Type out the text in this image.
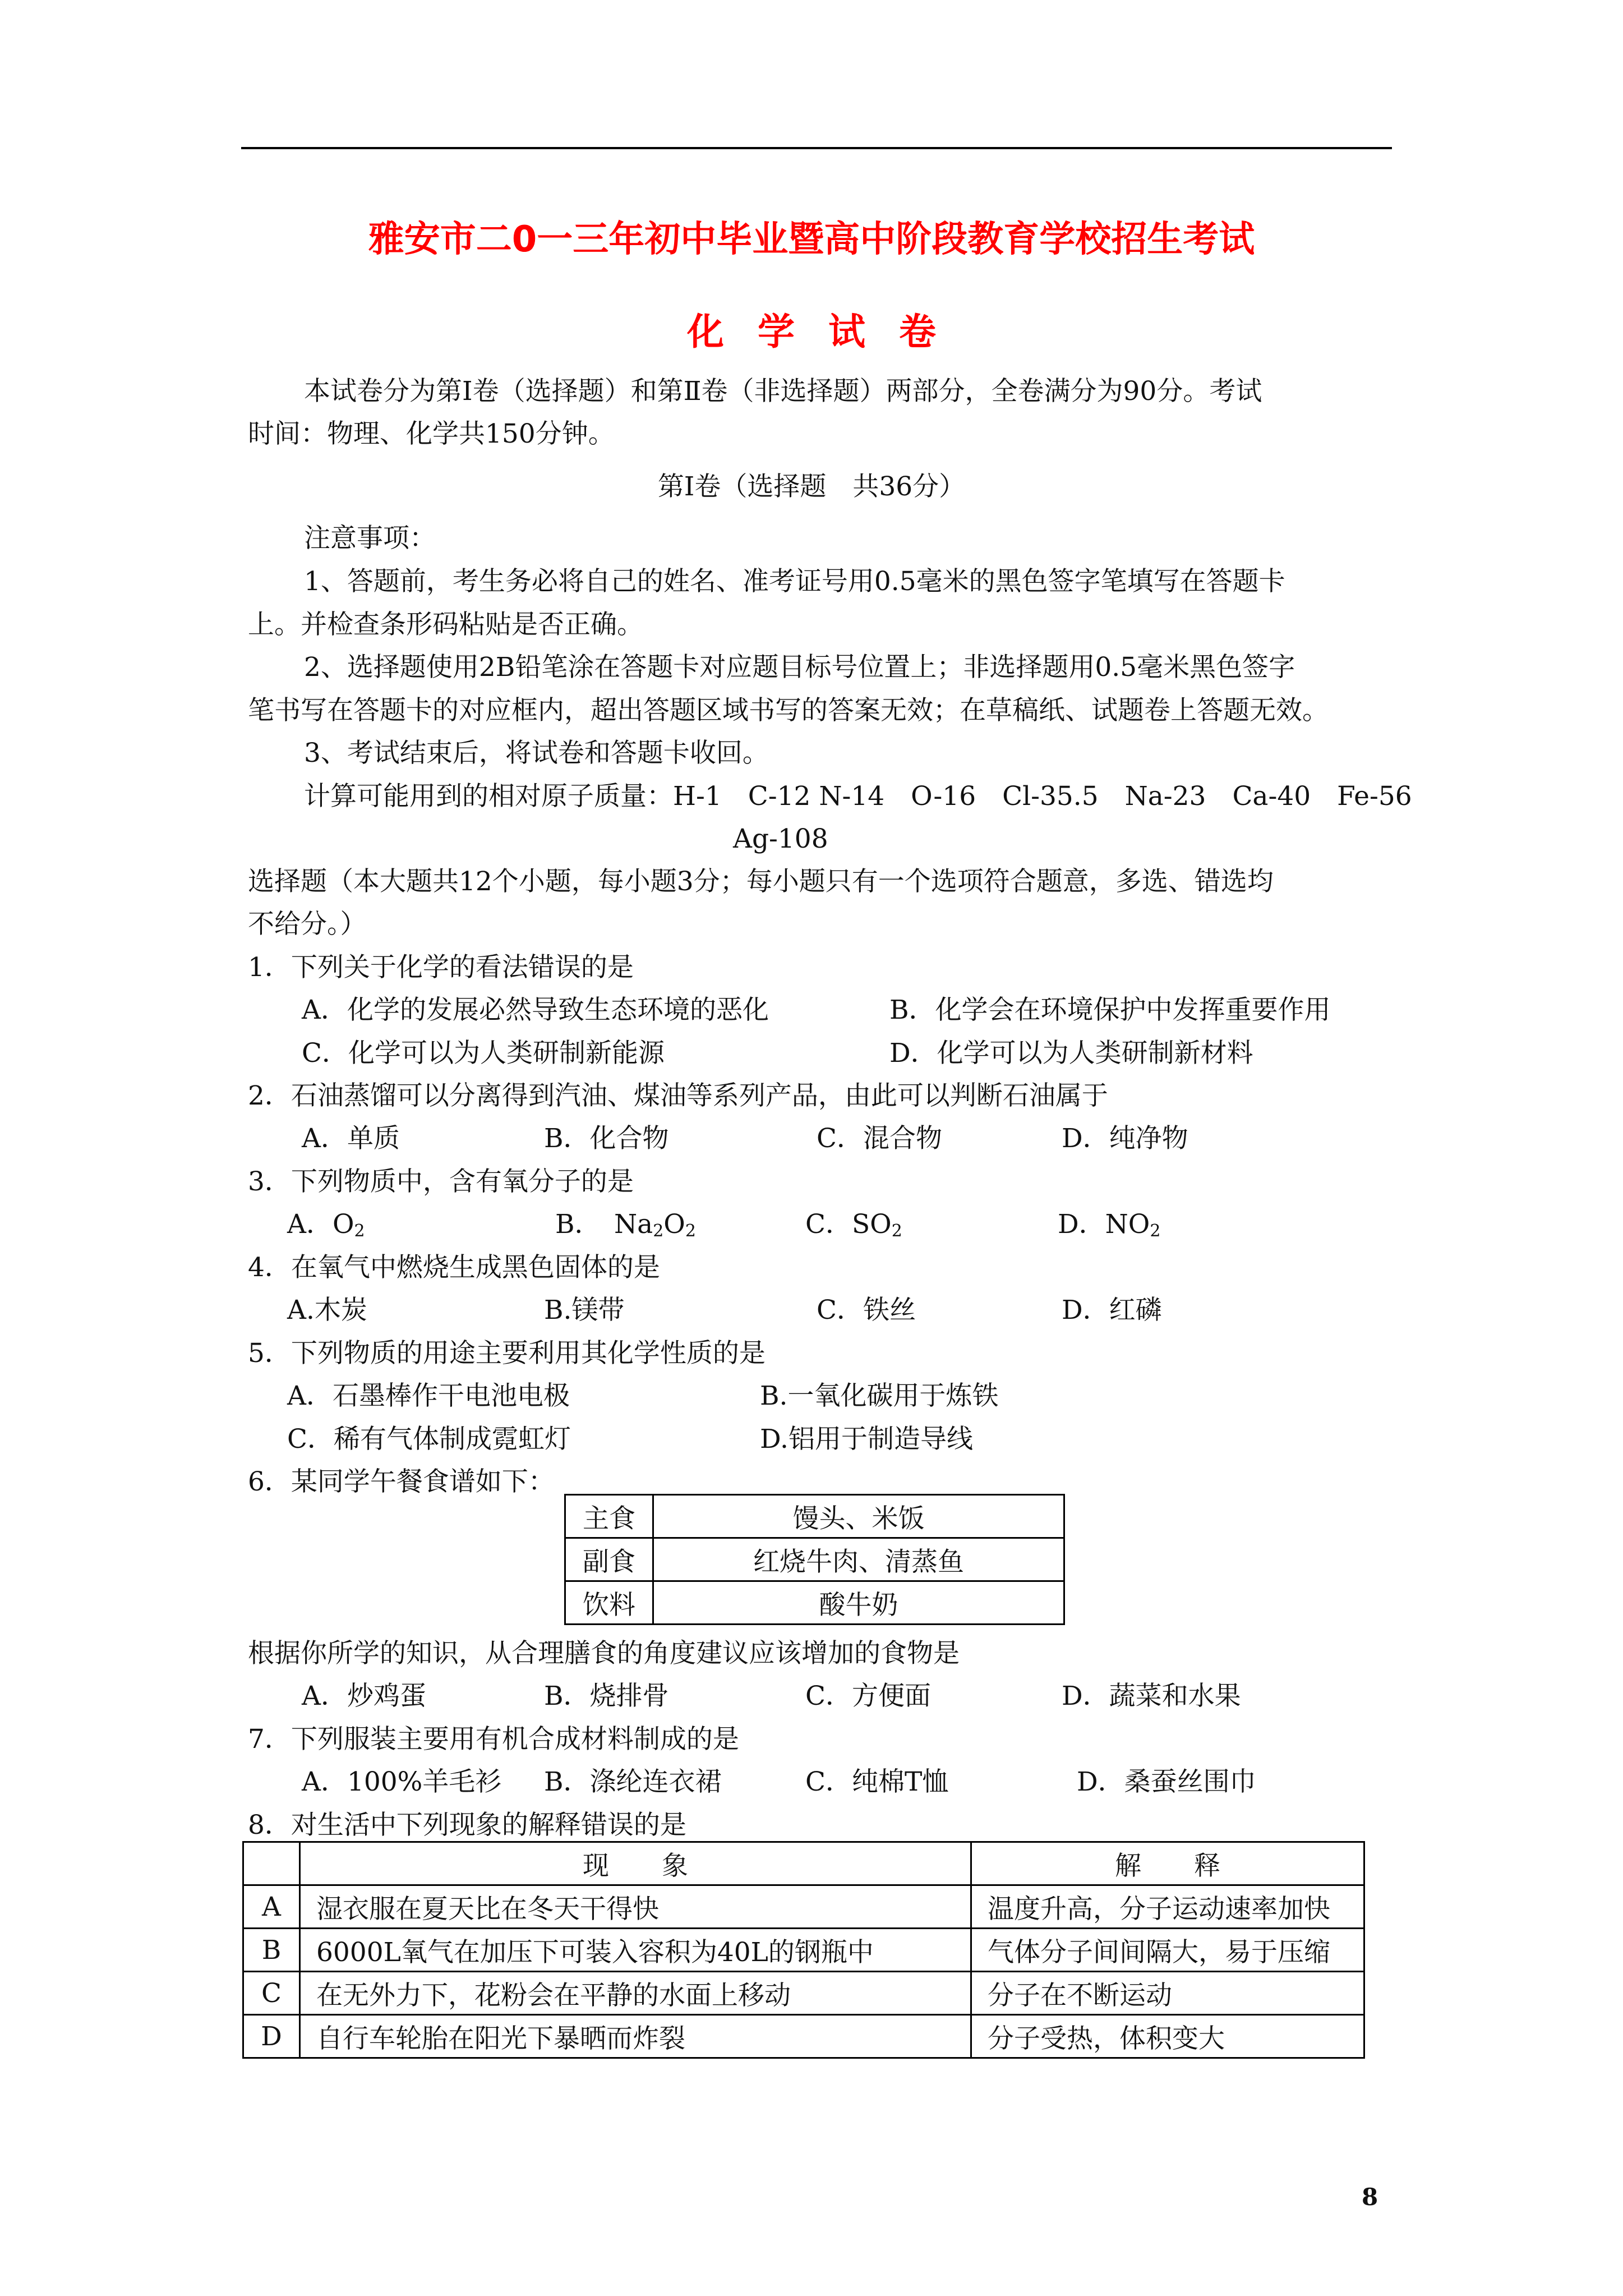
雅安市二0一三年初中毕业暨高中阶段教育学校招生考试
化学试卷
本试卷分为第Ⅰ卷（选择题）和第Ⅱ卷（非选择题）两部分，全卷满分为90分。考试
时间：物理、化学共150分钟。
第Ⅰ卷（选择题　共36分）
注意事项：
1、答题前，考生务必将自己的姓名、准考证号用0.5毫米的黑色签字笔填写在答题卡
上。并检查条形码粘贴是否正确。
2、选择题使用2B铅笔涂在答题卡对应题目标号位置上；非选择题用0.5毫米黑色签字
笔书写在答题卡的对应框内，超出答题区域书写的答案无效；在草稿纸、试题卷上答题无效。
3、考试结束后，将试卷和答题卡收回。
计算可能用到的相对原子质量：H-1　C-12 N-14　O-16　Cl-35.5　Na-23　Ca-40　Fe-56
Ag-108
选择题（本大题共12个小题，每小题3分；每小题只有一个选项符合题意，多选、错选均
不给分。）
1．下列关于化学的看法错误的是
A．化学的发展必然导致生态环境的恶化	B．化学会在环境保护中发挥重要作用
C．化学可以为人类研制新能源	D．化学可以为人类研制新材料
2．石油蒸馏可以分离得到汽油、煤油等系列产品，由此可以判断石油属于
A．单质	B．化合物	C．混合物	D．纯净物
3．下列物质中，含有氧分子的是
A．$O_2$	B．　$Na_2O_2$	C．$SO_2$	D．$NO_2$
4．在氧气中燃烧生成黑色固体的是
A.木炭	B.镁带	C．铁丝	D．红磷
5．下列物质的用途主要利用其化学性质的是
A．石墨棒作干电池电极	B.一氧化碳用于炼铁
C．稀有气体制成霓虹灯	D.铝用于制造导线
6．某同学午餐食谱如下：
主食	馒头、米饭
副食	红烧牛肉、清蒸鱼
饮料	酸牛奶
根据你所学的知识，从合理膳食的角度建议应该增加的食物是
A．炒鸡蛋	B．烧排骨	C．方便面	D．蔬菜和水果
7．下列服装主要用有机合成材料制成的是
A．100%羊毛衫 B．涤纶连衣裙	C．纯棉T恤	D．桑蚕丝围巾
8．对生活中下列现象的解释错误的是
	现　　象	解　　释
A	湿衣服在夏天比在冬天干得快	温度升高，分子运动速率加快
B	6000L氧气在加压下可装入容积为40L的钢瓶中	气体分子间间隔大，易于压缩
C	在无外力下，花粉会在平静的水面上移动	分子在不断运动
D	自行车轮胎在阳光下暴晒而炸裂	分子受热，体积变大
8
